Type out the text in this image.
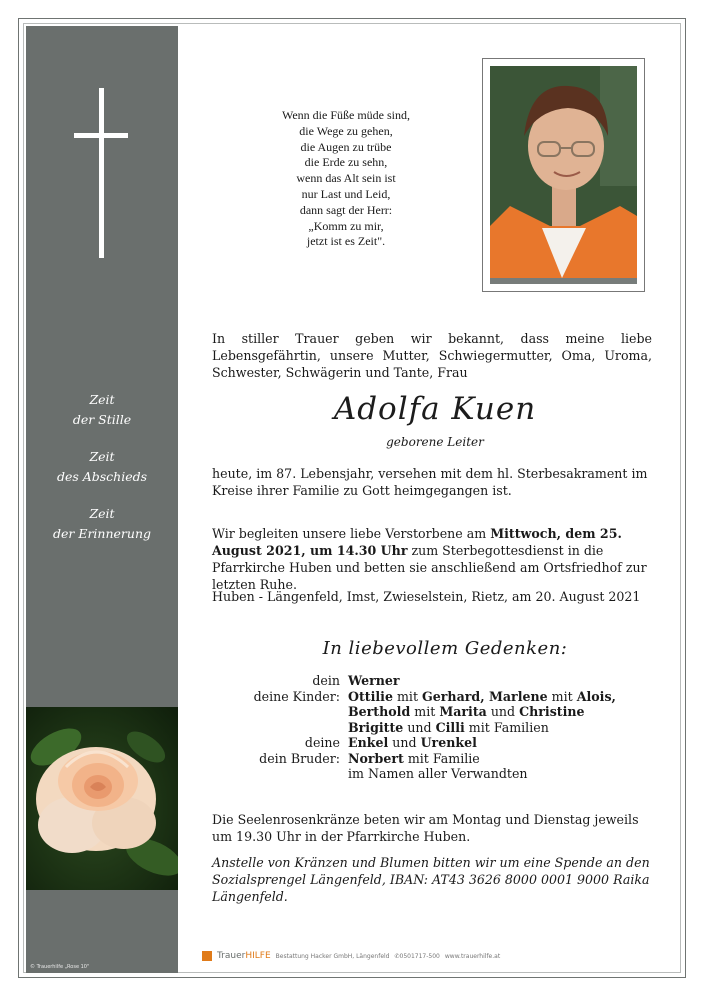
Zeit
der Stille
Zeit
des Abschieds
Zeit
der Erinnerung
© Trauerhilfe „Rose 10"
Wenn die Füße müde sind,
die Wege zu gehen,
die Augen zu trübe
die Erde zu sehn,
wenn das Alt sein ist
nur Last und Leid,
dann sagt der Herr:
„Komm zu mir,
jetzt ist es Zeit".
In stiller Trauer geben wir bekannt, dass meine liebe Lebensgefährtin, unsere Mutter, Schwiegermutter, Oma, Uroma, Schwester, Schwägerin und Tante, Frau
Adolfa Kuen
geborene Leiter
heute, im 87. Lebensjahr, versehen mit dem hl. Sterbesakrament im Kreise ihrer Familie zu Gott heimgegangen ist.
Wir begleiten unsere liebe Verstorbene am Mittwoch, dem 25. August 2021, um 14.30 Uhr zum Sterbegottesdienst in die Pfarrkirche Huben und betten sie anschließend am Ortsfriedhof zur letzten Ruhe.
Huben - Längenfeld, Imst, Zwieselstein, Rietz, am 20. August 2021
In liebevollem Gedenken:
dein Werner
deine Kinder: Ottilie mit Gerhard, Marlene mit Alois,
Berthold mit Marita und Christine
Brigitte und Cilli mit Familien
deine Enkel und Urenkel
dein Bruder: Norbert mit Familie
im Namen aller Verwandten
Die Seelenrosenkränze beten wir am Montag und Dienstag jeweils um 19.30 Uhr in der Pfarrkirche Huben.
Anstelle von Kränzen und Blumen bitten wir um eine Spende an den Sozialsprengel Längenfeld, IBAN: AT43 3626 8000 0001 9000 Raika Längenfeld.
TrauerHILFE Bestattung Hacker GmbH, Längenfeld ✆0501717-500 www.trauerhilfe.at
